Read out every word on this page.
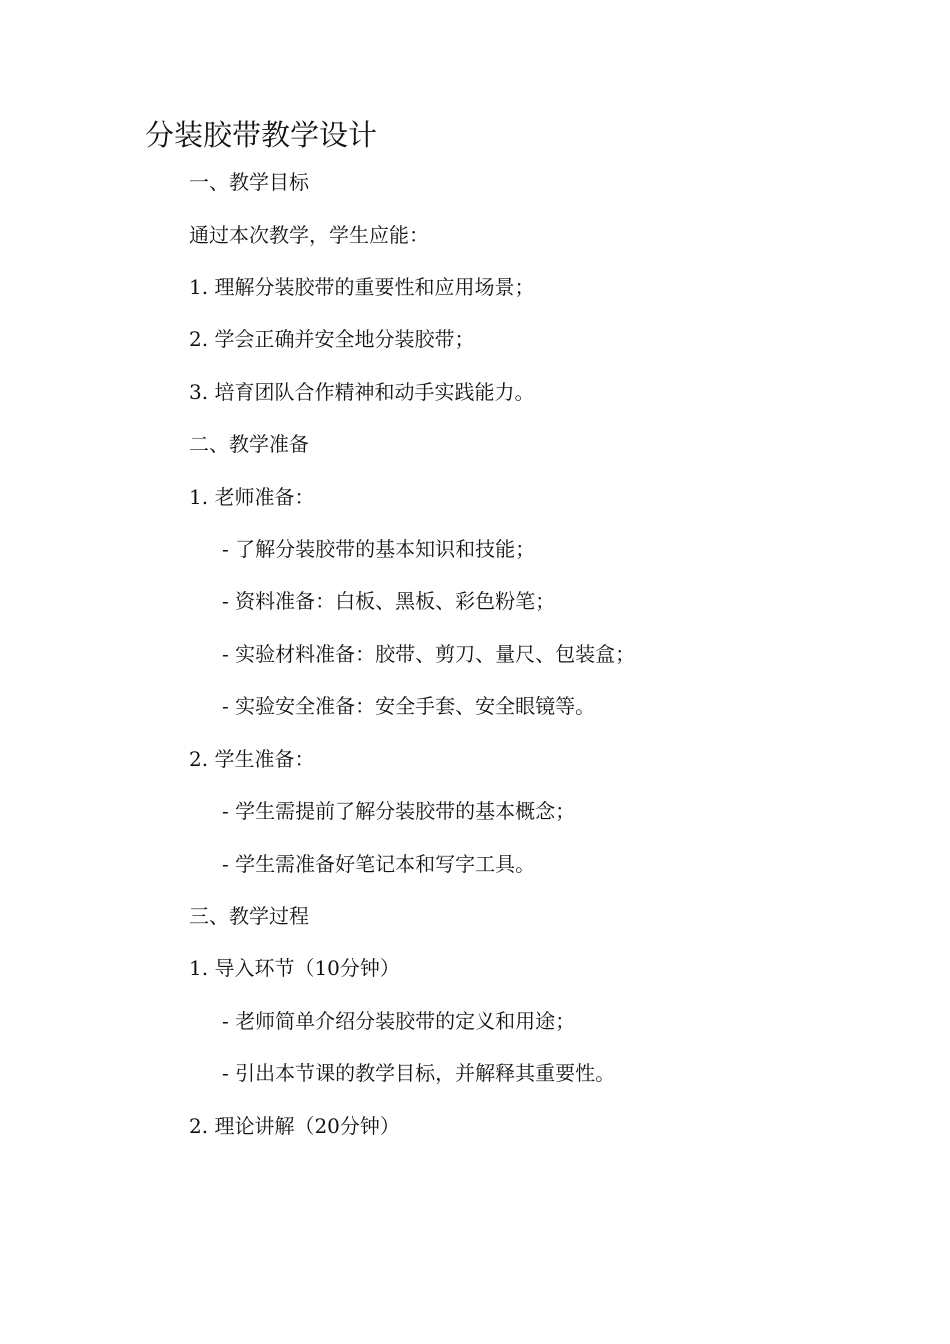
分装胶带教学设计

一、教学目标

通过本次教学，学生应能：

1. 理解分装胶带的重要性和应用场景；

2. 学会正确并安全地分装胶带；

3. 培育团队合作精神和动手实践能力。

二、教学准备

1. 老师准备：

- 了解分装胶带的基本知识和技能；

- 资料准备：白板、黑板、彩色粉笔；

- 实验材料准备：胶带、剪刀、量尺、包装盒；

- 实验安全准备：安全手套、安全眼镜等。

2. 学生准备：

- 学生需提前了解分装胶带的基本概念；

- 学生需准备好笔记本和写字工具。

三、教学过程

1. 导入环节（10分钟）

- 老师简单介绍分装胶带的定义和用途；

- 引出本节课的教学目标，并解释其重要性。

2. 理论讲解（20分钟）
